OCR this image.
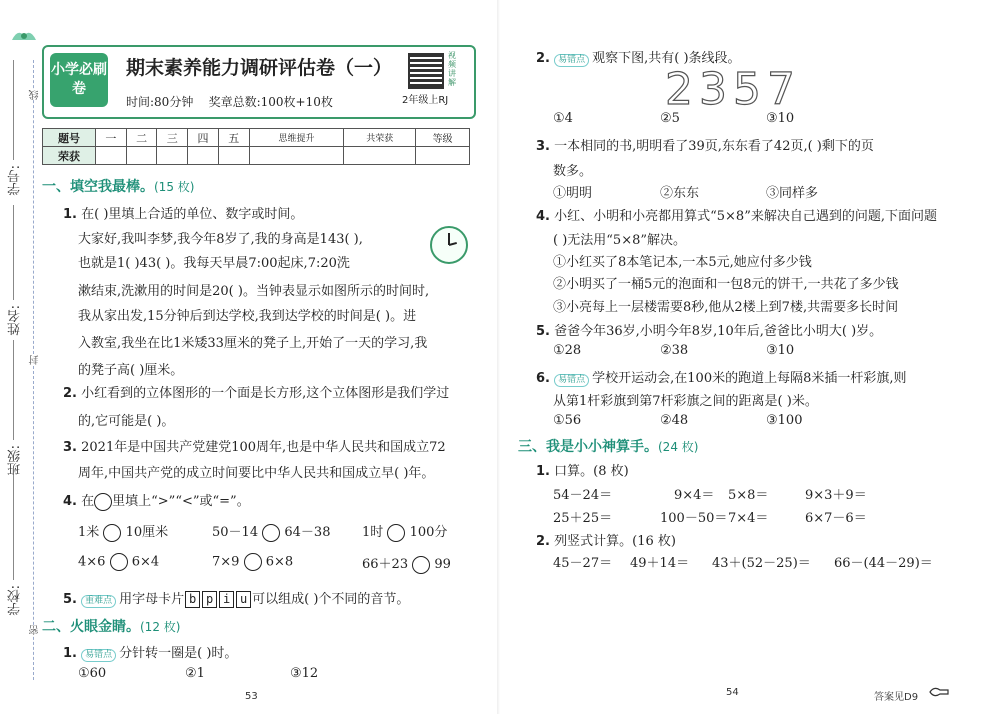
学号:
姓名:
班级:
学校:
线
封
密
小学必刷卷
期末素养能力调研评估卷（一）
时间:80分钟 奖章总数:100枚+10枚
视频讲解
2年级上RJ
题号	一	二	三	四	五	思维提升	共荣获	等级
荣获								
一、填空我最棒。(15 枚)
1. 在( )里填上合适的单位、数字或时间。
大家好,我叫李梦,我今年8岁了,我的身高是143( ),
也就是1( )43( )。我每天早晨7:00起床,7:20洗
漱结束,洗漱用的时间是20( )。当钟表显示如图所示的时间时,
我从家出发,15分钟后到达学校,我到达学校的时间是( )。进
入教室,我坐在比1米矮33厘米的凳子上,开始了一天的学习,我
的凳子高( )厘米。
2. 小红看到的立体图形的一个面是长方形,这个立体图形是我们学过
的,它可能是( )。
3. 2021年是中国共产党建党100周年,也是中华人民共和国成立72
周年,中国共产党的成立时间要比中华人民共和国成立早( )年。
4. 在 里填上“>”“<”或“=”。
1米 10厘米	50－14 64－38 1时 100分
4×6 6×4	7×9 6×8	66＋23 99
5. 重难点 用字母卡片 b p i u 可以组成( )个不同的音节。
二、火眼金睛。(12 枚)
1. 易错点 分针转一圈是( )时。
①60	②1	③12
53
2. 易错点 观察下图,共有( )条线段。
2357
①4	②5	③10
3. 一本相同的书,明明看了39页,东东看了42页,( )剩下的页
数多。
①明明	②东东	③同样多
4. 小红、小明和小亮都用算式“5×8”来解决自己遇到的问题,下面问题
( )无法用“5×8”解决。
①小红买了8本笔记本,一本5元,她应付多少钱
②小明买了一桶5元的泡面和一包8元的饼干,一共花了多少钱
③小亮每上一层楼需要8秒,他从2楼上到7楼,共需要多长时间
5. 爸爸今年36岁,小明今年8岁,10年后,爸爸比小明大( )岁。
①28	②38	③10
6. 易错点 学校开运动会,在100米的跑道上每隔8米插一杆彩旗,则
从第1杆彩旗到第7杆彩旗之间的距离是( )米。
①56	②48	③100
三、我是小小神算手。(24 枚)
1. 口算。(8 枚)
54－24＝	9×4＝ 5×8＝	9×3＋9＝
25＋25＝	100－50＝ 7×4＝	6×7－6＝
2. 列竖式计算。(16 枚)
45－27＝ 49＋14＝ 43＋(52－25)＝ 66－(44－29)＝
54	答案见D9
